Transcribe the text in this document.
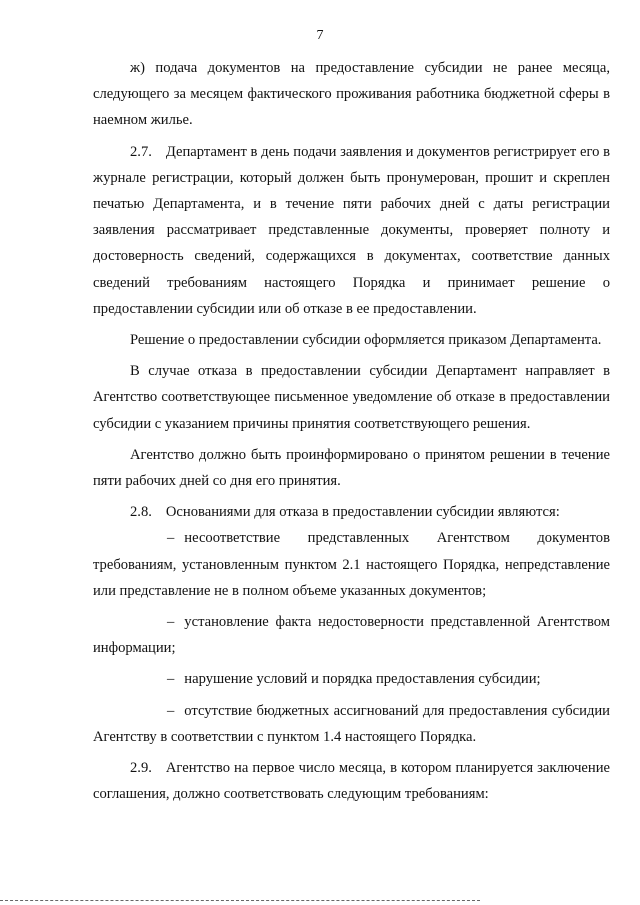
7

ж) подача документов на предоставление субсидии не ранее месяца, следующего за месяцем фактического проживания работника бюджетной сферы в наемном жилье.

2.7. Департамент в день подачи заявления и документов регистрирует его в журнале регистрации, который должен быть пронумерован, прошит и скреплен печатью Департамента, и в течение пяти рабочих дней с даты регистрации заявления рассматривает представленные документы, проверяет полноту и достоверность сведений, содержащихся в документах, соответствие данных сведений требованиям настоящего Порядка и принимает решение о предоставлении субсидии или об отказе в ее предоставлении.

Решение о предоставлении субсидии оформляется приказом Департамента.

В случае отказа в предоставлении субсидии Департамент направляет в Агентство соответствующее письменное уведомление об отказе в предоставлении субсидии с указанием причины принятия соответствующего решения.

Агентство должно быть проинформировано о принятом решении в течение пяти рабочих дней со дня его принятия.

2.8. Основаниями для отказа в предоставлении субсидии являются:

– несоответствие представленных Агентством документов требованиям, установленным пунктом 2.1 настоящего Порядка, непредставление или представление не в полном объеме указанных документов;

– установление факта недостоверности представленной Агентством информации;

– нарушение условий и порядка предоставления субсидии;

– отсутствие бюджетных ассигнований для предоставления субсидии Агентству в соответствии с пунктом 1.4 настоящего Порядка.

2.9. Агентство на первое число месяца, в котором планируется заключение соглашения, должно соответствовать следующим требованиям:
